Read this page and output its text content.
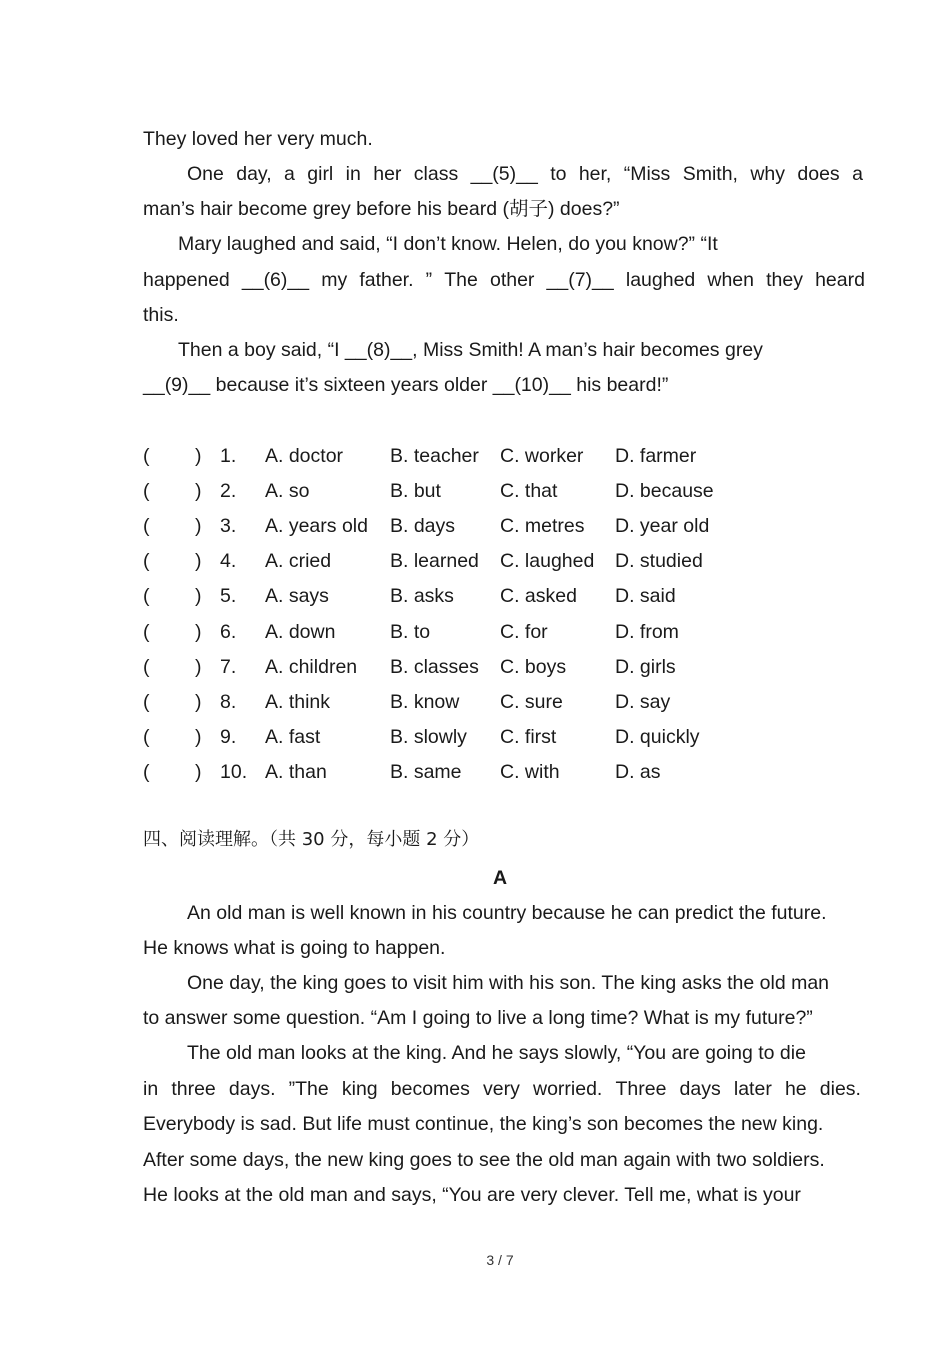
They loved her very much.
One day, a girl in her class __(5)__ to her, “Miss Smith, why does a
man’s hair become grey before his beard (胡子) does?”
Mary laughed and said, “I don’t know. Helen, do you know?” “It
happened __(6)__ my father. ” The other __(7)__ laughed when they heard
this.
Then a boy said, “I __(8)__, Miss Smith! A man’s hair becomes grey
__(9)__ because it’s sixteen years older __(10)__ his beard!”
( ) 1. A. doctor B. teacher C. worker D. farmer
( ) 2. A. so	B. but	C. that	D. because
( ) 3. A. years old B. days C. metres D. year old
( ) 4. A. cried	B. learned C. laughed D. studied
( ) 5. A. says	B. asks C. asked D. said
( ) 6. A. down	B. to	C. for	D. from
( ) 7. A. children B. classes C. boys	D. girls
( ) 8. A. think	B. know C. sure	D. say
( ) 9. A. fast	B. slowly C. first	D. quickly
( ) 10. A. than	B. same C. with	D. as
四、阅读理解。（共 30 分，每小题 2 分）
A
An old man is well known in his country because he can predict the future.
He knows what is going to happen.
One day, the king goes to visit him with his son. The king asks the old man
to answer some question. “Am I going to live a long time? What is my future?”
The old man looks at the king. And he says slowly, “You are going to die
in three days. ”The king becomes very worried. Three days later he dies.
Everybody is sad. But life must continue, the king’s son becomes the new king.
After some days, the new king goes to see the old man again with two soldiers.
He looks at the old man and says, “You are very clever. Tell me, what is your
3 / 7
